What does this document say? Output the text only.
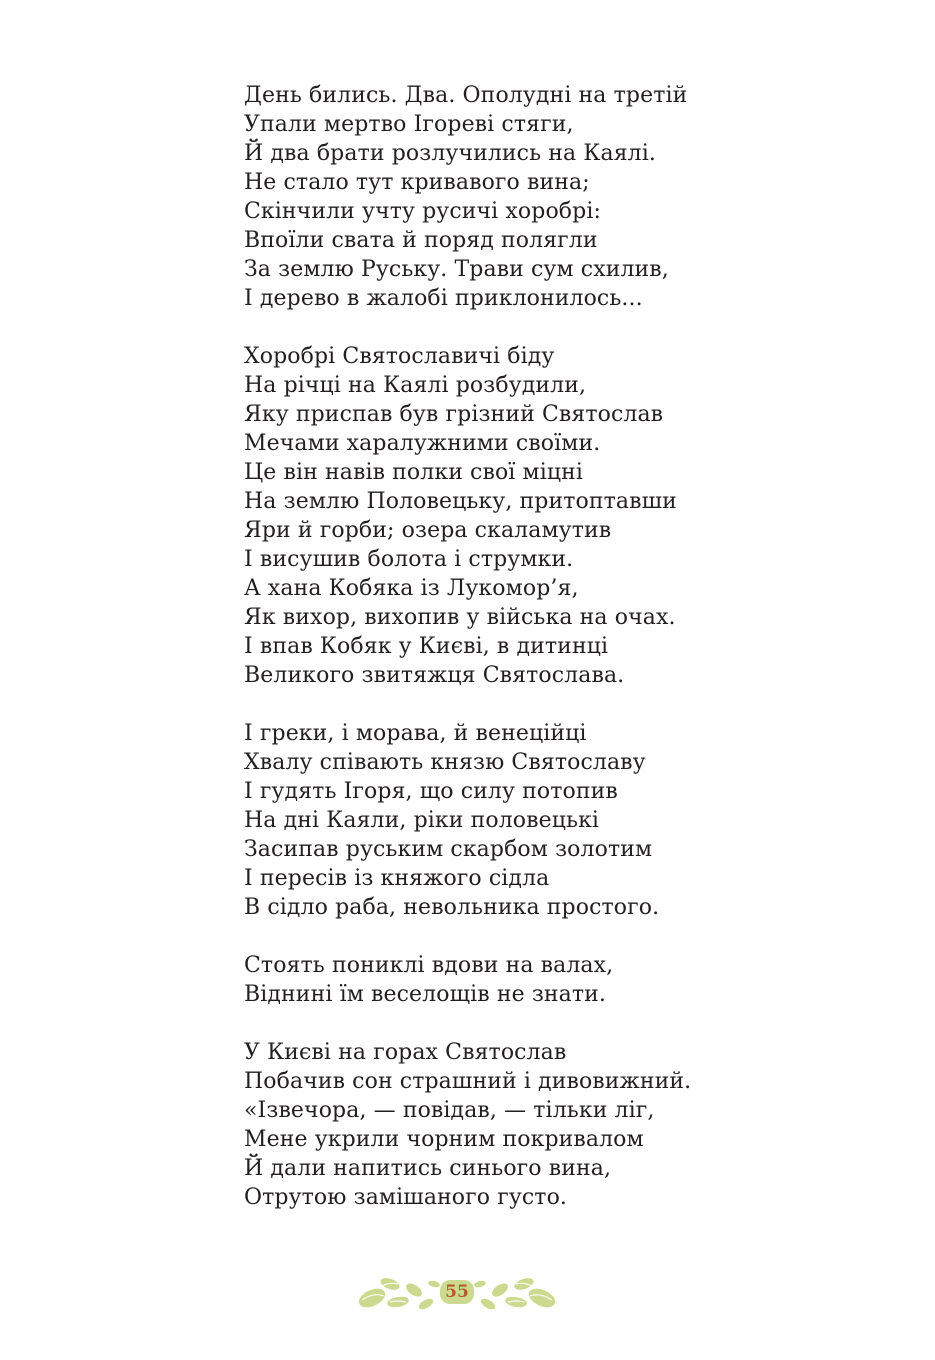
День бились. Два. Ополудні на третій
Упали мертво Ігореві стяги,
Й два брати розлучились на Каялі.
Не стало тут кривавого вина;
Скінчили учту русичі хоробрі:
Впоїли свата й поряд полягли
За землю Руську. Трави сум схилив,
І дерево в жалобі приклонилось...
Хоробрі Святославичі біду
На річці на Каялі розбудили,
Яку приспав був грізний Святослав
Мечами харалужними своїми.
Це він навів полки свої міцні
На землю Половецьку, притоптавши
Яри й горби; озера скаламутив
І висушив болота і струмки.
А хана Кобяка із Лукомор’я,
Як вихор, вихопив у війська на очах.
І впав Кобяк у Києві, в дитинці
Великого звитяжця Святослава.
І греки, і морава, й венеційці
Хвалу співають князю Святославу
І гудять Ігоря, що силу потопив
На дні Каяли, ріки половецькі
Засипав руським скарбом золотим
І пересів із княжого сідла
В сідло раба, невольника простого.
Стоять пониклі вдови на валах,
Віднині їм веселощів не знати.
У Києві на горах Святослав
Побачив сон страшний і дивовижний.
«Ізвечора, — повідав, — тільки ліг,
Мене укрили чорним покривалом
Й дали напитись синього вина,
Отрутою замішаного густо.
55
